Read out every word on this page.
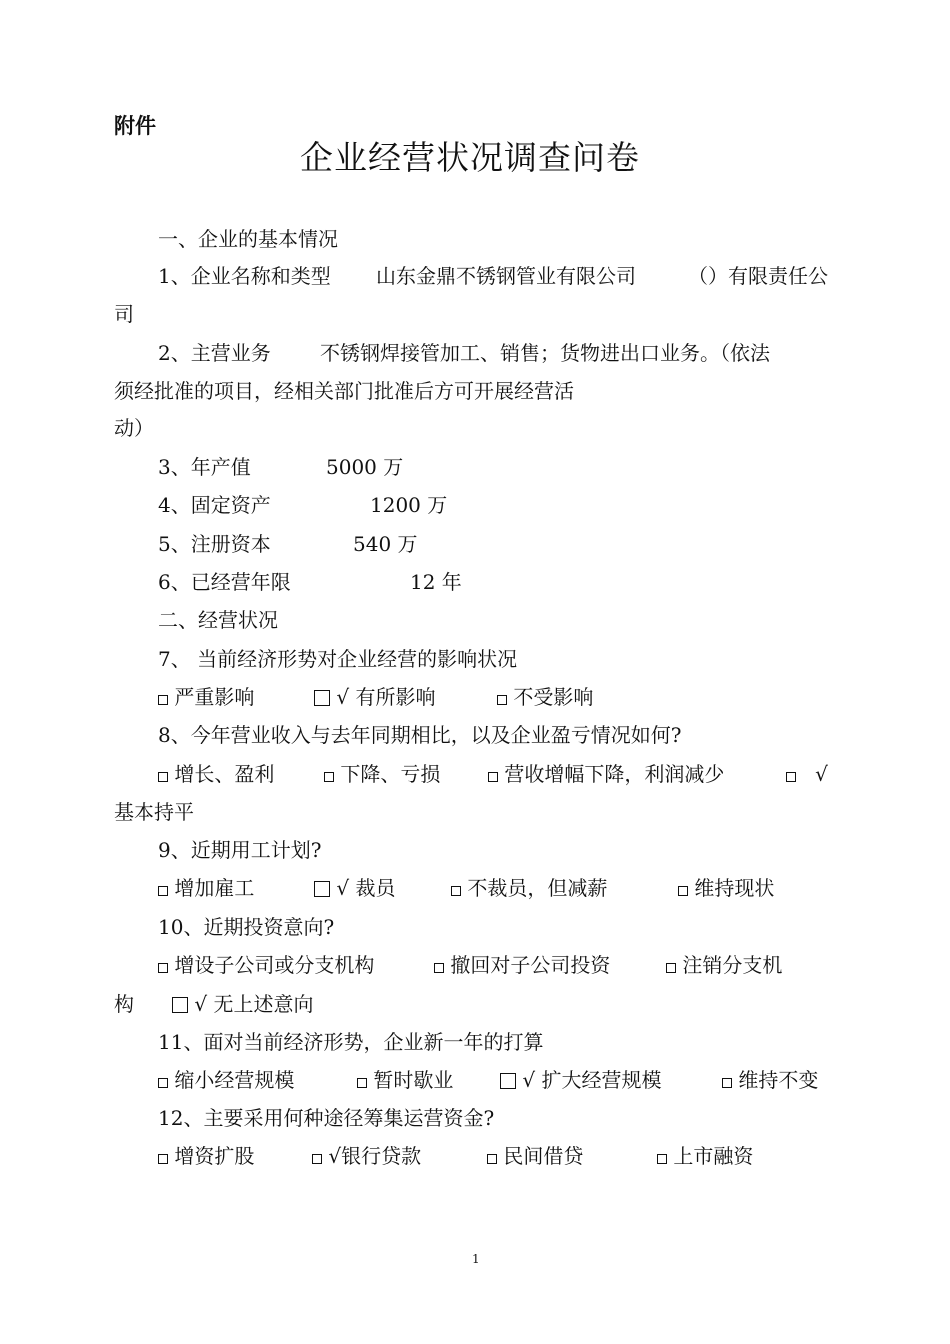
附件
企业经营状况调查问卷
一、企业的基本情况
1、企业名称和类型 山东金鼎不锈钢管业有限公司	（）有限责任公
司
2、主营业务 不锈钢焊接管加工、销售；货物进出口业务。（依法
须经批准的项目，经相关部门批准后方可开展经营活
动）
3、年产值	5000 万
4、固定资产	1200 万
5、注册资本	540 万
6、已经营年限	12 年
二、经营状况
7、 当前经济形势对企业经营的影响状况
严重影响	√ 有所影响	不受影响
8、今年营业收入与去年同期相比，以及企业盈亏情况如何?
增长、盈利	下降、亏损	营收增幅下降，利润减少	√
基本持平
9、近期用工计划?
增加雇工	√ 裁员	不裁员，但减薪	维持现状
10、近期投资意向?
增设子公司或分支机构	撤回对子公司投资	注销分支机
构	√ 无上述意向
11、面对当前经济形势，企业新一年的打算
缩小经营规模	暂时歇业	√ 扩大经营规模	维持不变
12、主要采用何种途径筹集运营资金?
增资扩股	√银行贷款	民间借贷	上市融资
1
